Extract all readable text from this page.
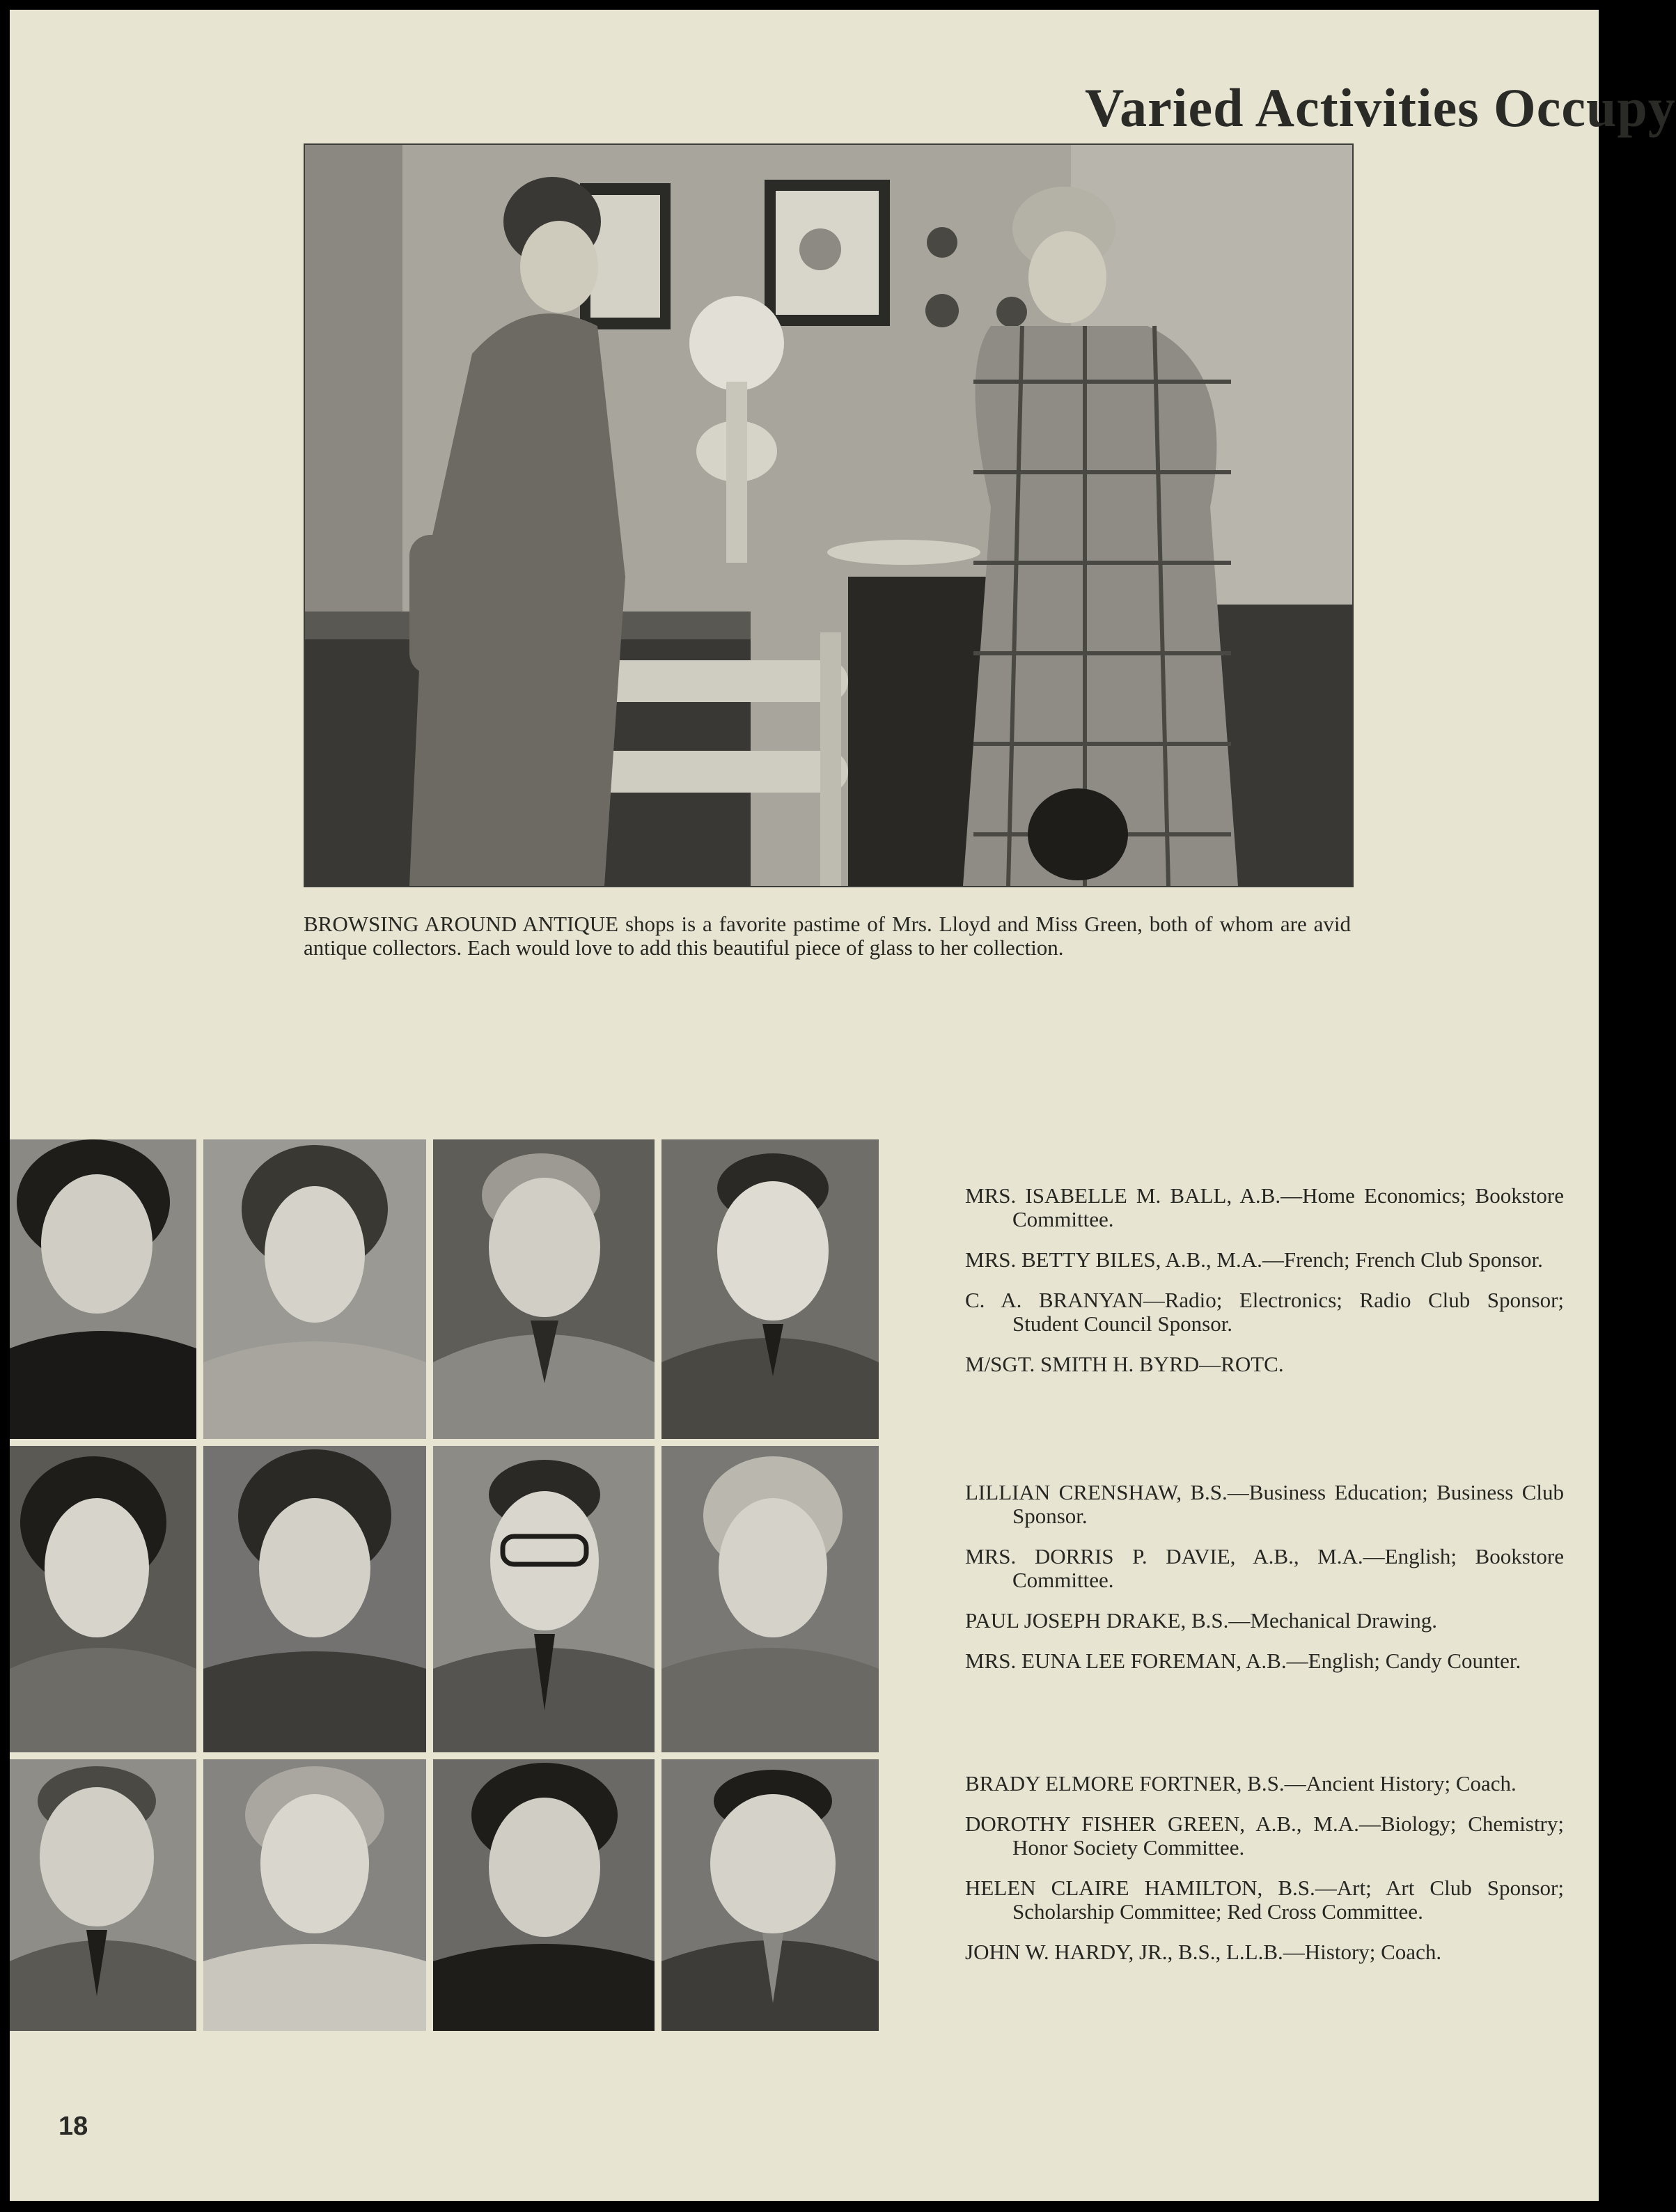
Varied Activities Occupy
BROWSING AROUND ANTIQUE shops is a favorite pastime of Mrs. Lloyd and Miss Green, both of whom are avid antique collectors. Each would love to add this beautiful piece of glass to her collection.
MRS. ISABELLE M. BALL, A.B.—Home Economics; Bookstore Committee.
MRS. BETTY BILES, A.B., M.A.—French; French Club Sponsor.
C. A. BRANYAN—Radio; Electronics; Radio Club Sponsor; Student Council Sponsor.
M/SGT. SMITH H. BYRD—ROTC.
LILLIAN CRENSHAW, B.S.—Business Education; Business Club Sponsor.
MRS. DORRIS P. DAVIE, A.B., M.A.—English; Bookstore Committee.
PAUL JOSEPH DRAKE, B.S.—Mechanical Drawing.
MRS. EUNA LEE FOREMAN, A.B.—English; Candy Counter.
BRADY ELMORE FORTNER, B.S.—Ancient History; Coach.
DOROTHY FISHER GREEN, A.B., M.A.—Biology; Chemistry; Honor Society Committee.
HELEN CLAIRE HAMILTON, B.S.—Art; Art Club Sponsor; Scholarship Committee; Red Cross Committee.
JOHN W. HARDY, JR., B.S., L.L.B.—History; Coach.
18
